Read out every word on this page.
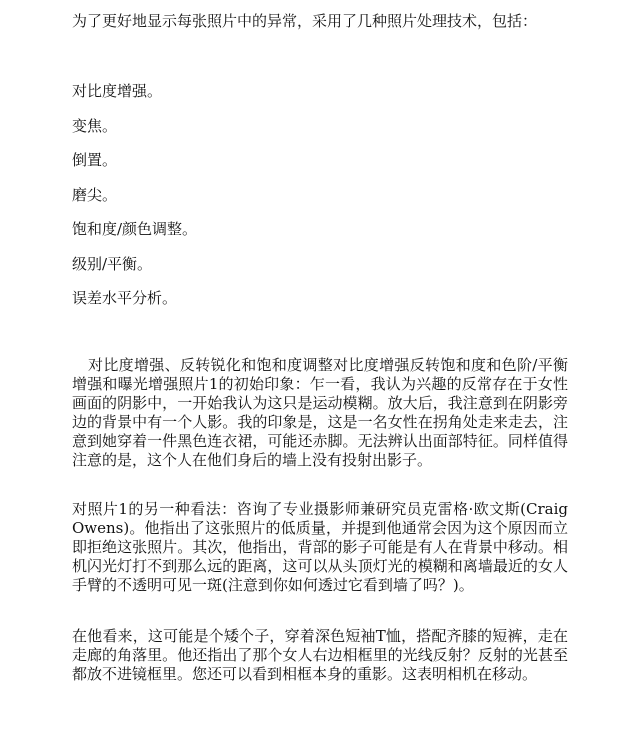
为了更好地显示每张照片中的异常，采用了几种照片处理技术，包括：
对比度增强。
变焦。
倒置。
磨尖。
饱和度/颜色调整。
级别/平衡。
误差水平分析。

对比度增强、反转锐化和饱和度调整对比度增强反转饱和度和色阶/平衡增强和曝光增强照片1的初始印象：乍一看，我认为兴趣的反常存在于女性画面的阴影中，一开始我认为这只是运动模糊。放大后，我注意到在阴影旁边的背景中有一个人影。我的印象是，这是一名女性在拐角处走来走去，注意到她穿着一件黑色连衣裙，可能还赤脚。无法辨认出面部特征。同样值得注意的是，这个人在他们身后的墙上没有投射出影子。

对照片1的另一种看法：咨询了专业摄影师兼研究员克雷格·欧文斯(Craig Owens)。他指出了这张照片的低质量，并提到他通常会因为这个原因而立即拒绝这张照片。其次，他指出，背部的影子可能是有人在背景中移动。相机闪光灯打不到那么远的距离，这可以从头顶灯光的模糊和离墙最近的女人手臂的不透明可见一斑(注意到你如何透过它看到墙了吗？)。

在他看来，这可能是个矮个子，穿着深色短袖T恤，搭配齐膝的短裤，走在走廊的角落里。他还指出了那个女人右边相框里的光线反射？反射的光甚至都放不进镜框里。您还可以看到相框本身的重影。这表明相机在移动。
